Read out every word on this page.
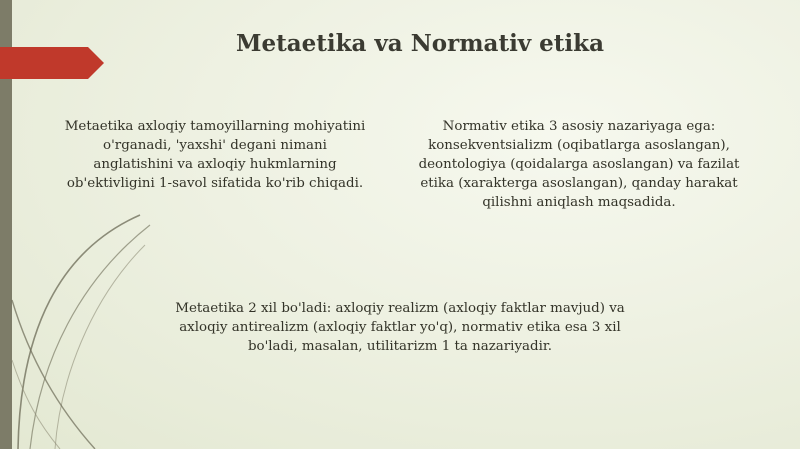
Metaetika va Normativ etika
Metaetika axloqiy tamoyillarning mohiyatini
o'rganadi, 'yaxshi' degani nimani
anglatishini va axloqiy hukmlarning
ob'ektivligini 1-savol sifatida ko'rib chiqadi.
Normativ etika 3 asosiy nazariyaga ega:
konsekventsializm (oqibatlarga asoslangan),
deontologiya (qoidalarga asoslangan) va fazilat
etika (xarakterga asoslangan), qanday harakat
qilishni aniqlash maqsadida.
Metaetika 2 xil bo'ladi: axloqiy realizm (axloqiy faktlar mavjud) va
axloqiy antirealizm (axloqiy faktlar yo'q), normativ etika esa 3 xil
bo'ladi, masalan, utilitarizm 1 ta nazariyadir.
